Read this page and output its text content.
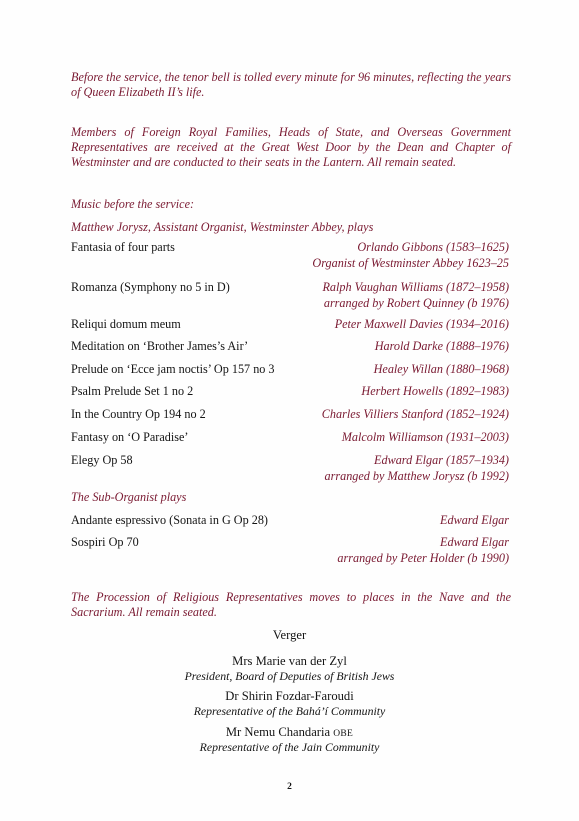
Before the service, the tenor bell is tolled every minute for 96 minutes, reflecting the years of Queen Elizabeth II’s life.
Members of Foreign Royal Families, Heads of State, and Overseas Government Representatives are received at the Great West Door by the Dean and Chapter of Westminster and are conducted to their seats in the Lantern. All remain seated.
Music before the service:
Matthew Jorysz, Assistant Organist, Westminster Abbey, plays
Fantasia of four parts	Orlando Gibbons (1583–1625)
Organist of Westminster Abbey 1623–25
Romanza (Symphony no 5 in D)	Ralph Vaughan Williams (1872–1958)
arranged by Robert Quinney (b 1976)
Reliqui domum meum	Peter Maxwell Davies (1934–2016)
Meditation on ‘Brother James’s Air’	Harold Darke (1888–1976)
Prelude on ‘Ecce jam noctis’ Op 157 no 3	Healey Willan (1880–1968)
Psalm Prelude Set 1 no 2	Herbert Howells (1892–1983)
In the Country Op 194 no 2	Charles Villiers Stanford (1852–1924)
Fantasy on ‘O Paradise’	Malcolm Williamson (1931–2003)
Elegy Op 58	Edward Elgar (1857–1934)
arranged by Matthew Jorysz (b 1992)
The Sub-Organist plays
Andante espressivo (Sonata in G Op 28)	Edward Elgar
Sospiri Op 70	Edward Elgar
arranged by Peter Holder (b 1990)
The Procession of Religious Representatives moves to places in the Nave and the Sacrarium. All remain seated.
Verger
Mrs Marie van der Zyl
President, Board of Deputies of British Jews
Dr Shirin Fozdar-Faroudi
Representative of the Bahá’í Community
Mr Nemu Chandaria OBE
Representative of the Jain Community
2
